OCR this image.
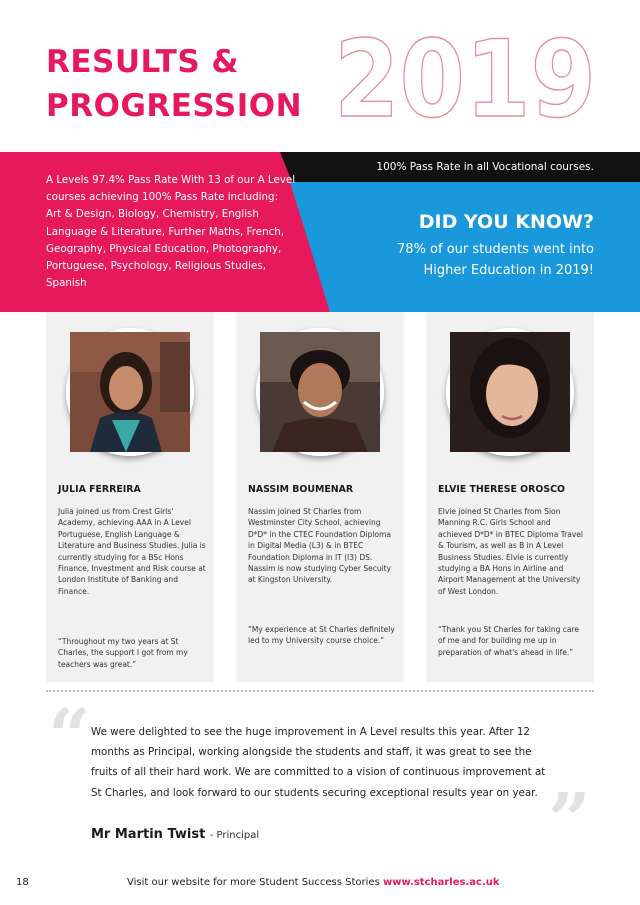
RESULTS &
PROGRESSION 2019
A Levels 97.4% Pass Rate With 13 of our A Level courses achieving 100% Pass Rate including: Art & Design, Biology, Chemistry, English Language & Literature, Further Maths, French, Geography, Physical Education, Photography, Portuguese, Psychology, Religious Studies, Spanish
100% Pass Rate in all Vocational courses.
DID YOU KNOW?
78% of our students went into Higher Education in 2019!
JULIA FERREIRA
Julia joined us from Crest Girls' Academy, achieving AAA in A Level Portuguese, English Language & Literature and Business Studies. Julia is currently studying for a BSc Hons Finance, Investment and Risk course at London Institute of Banking and Finance.
“Throughout my two years at St Charles, the support I got from my teachers was great.”
NASSIM BOUMENAR
Nassim joined St Charles from Westminster City School, achieving D*D* in the CTEC Foundation Diploma in Digital Media (L3) & in BTEC Foundation Diploma in IT (l3) DS. Nassim is now studying Cyber Secuity at Kingston University.
“My experience at St Charles definitely led to my University course choice.”
ELVIE THERESE OROSCO
Elvie joined St Charles from Sion Manning R.C. Girls School and achieved D*D* in BTEC Diploma Travel & Tourism, as well as B in A Level Business Studies. Elvie is currently studying a BA Hons in Airline and Airport Management at the University of West London.
“Thank you St Charles for taking care of me and for building me up in preparation of what's ahead in life.”
“ We were delighted to see the huge improvement in A Level results this year. After 12 months as Principal, working alongside the students and staff, it was great to see the fruits of all their hard work. We are committed to a vision of continuous improvement at St Charles, and look forward to our students securing exceptional results year on year. ”
Mr Martin Twist - Principal
18	Visit our website for more Student Success Stories www.stcharles.ac.uk
